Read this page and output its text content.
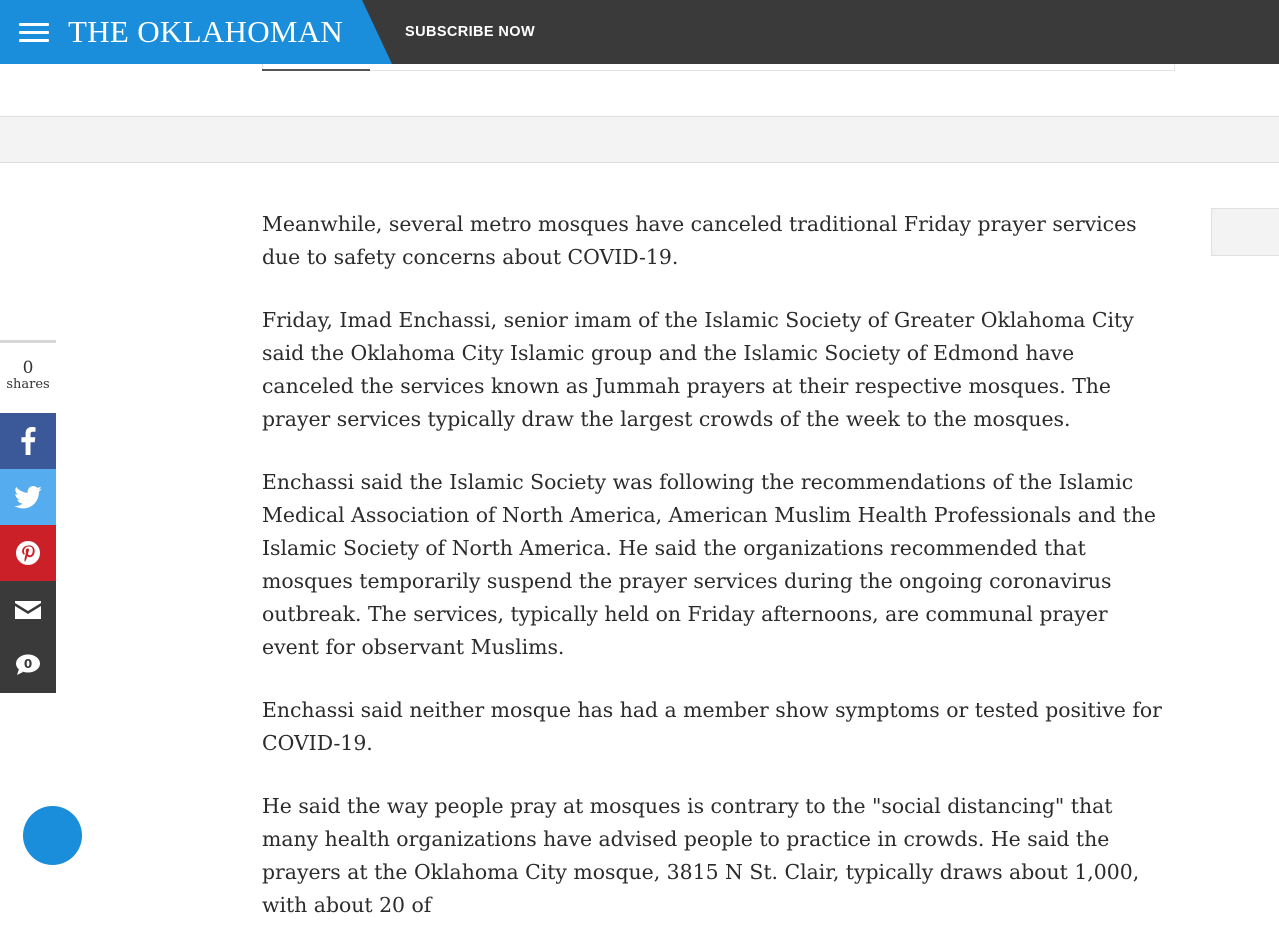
THE OKLAHOMAN	SUBSCRIBE NOW
0
shares
0

Meanwhile, several metro mosques have canceled traditional Friday prayer services due to safety concerns about COVID-19.

Friday, Imad Enchassi, senior imam of the Islamic Society of Greater Oklahoma City said the Oklahoma City Islamic group and the Islamic Society of Edmond have canceled the services known as Jummah prayers at their respective mosques. The prayer services typically draw the largest crowds of the week to the mosques.

Enchassi said the Islamic Society was following the recommendations of the Islamic Medical Association of North America, American Muslim Health Professionals and the Islamic Society of North America. He said the organizations recommended that mosques temporarily suspend the prayer services during the ongoing coronavirus outbreak. The services, typically held on Friday afternoons, are communal prayer event for observant Muslims.

Enchassi said neither mosque has had a member show symptoms or tested positive for COVID-19.

He said the way people pray at mosques is contrary to the "social distancing" that many health organizations have advised people to practice in crowds. He said the prayers at the Oklahoma City mosque, 3815 N St. Clair, typically draws about 1,000, with about 20 of
